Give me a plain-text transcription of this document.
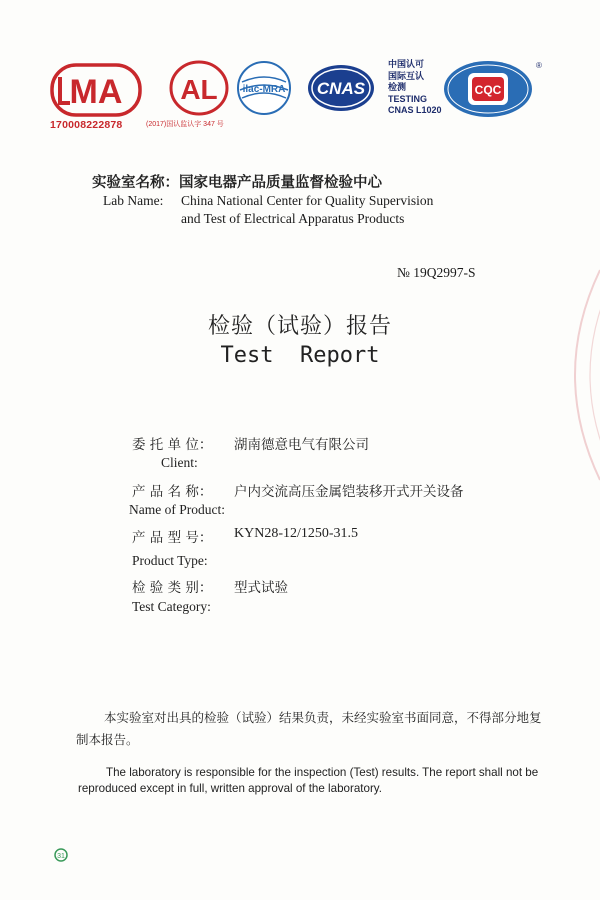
MA
170008222878
AL
(2017)国认监认字 347 号
ilac-MRA CNAS
中国认可
国际互认
检测
TESTING
CNAS L1020
CQC
®
实验室名称：国家电器产品质量监督检验中心
Lab Name: China National Center for Quality Supervision
and Test of Electrical Apparatus Products
№ 19Q2997-S
检验（试验）报告
Test  Report
委 托 单 位： 湖南德意电气有限公司
Client:
产 品 名 称： 户内交流高压金属铠装移开式开关设备
Name of Product:
产 品 型 号： KYN28-12/1250-31.5
Product Type:
检 验 类 别： 型式试验
Test Category:
本实验室对出具的检验（试验）结果负责，未经实验室书面同意，不得部分地复制本报告。
The laboratory is responsible for the inspection (Test) results. The report shall not be reproduced except in full, written approval of the laboratory.
31
